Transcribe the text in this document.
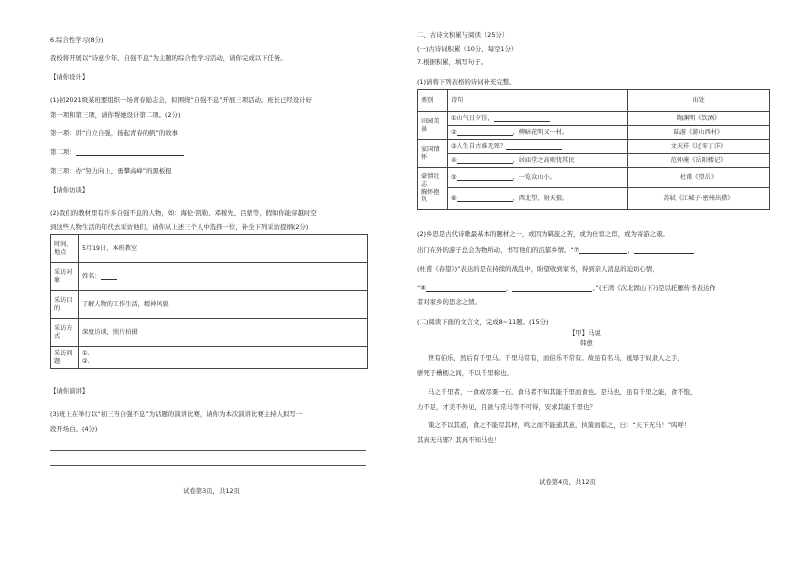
6.综合性学习(8分)
我校将开展以“诗意少年，自强不息”为主题的综合性学习活动，请你完成以下任务。
【请你设计】
(1)初2021级某班要组织一场青春励志会，拟围绕“自强不息”开展三项活动。班长已经设计好
第一项和第三项，请你帮她设计第二项。(2分)
第一项：讲“自立自强，扬起青春的帆”的故事
第二项：
第三项：办“努力向上，勇攀高峰”的黑板报
【请你访谈】
(2)我们的教材里有许多自强不息的人物，如：海伦·凯勒、邓稼先、吕蒙等，假如你能穿越时空
到这些人物生活的年代去采访他们，请你从上述三个人中选择一位，补全下列采访提纲(2分)
时间、地点	5月19日，本班教室
采访对象	姓名：
采访目的	了解人物的工作生活，精神风貌
采访方式	深度访谈，照片拍摄
采访问题	①.
②.
【请你演讲】
(3)班上在举行以“初三当自强不息”为话题的演讲比赛，请你为本次演讲比赛主持人拟写一
段开场白。(4分)
试卷第3页，共12页
二、古诗文积累与阅读（25分）
(一)古诗词积累（10分，每空1分）
7.根据积累，填写句子。
(1)请将下列表格的诗词补充完整。
类别	诗句	出处
田园美景	①山气日夕佳，	陶渊明《饮酒》
	② ，柳暗花明又一村。	陆游《游山西村》
家国情怀	③人生自古谁无死？	文天祥《过零丁洋》
	④ ，居庙堂之高则忧其民	范仲淹《岳阳楼记》

豪情壮志
胸怀抱负	⑤ ，一览众山小。	杜甫《望岳》
	⑥ ，西北望，射天狼。	苏轼《江城子·密州出猎》
(2)乡思是古代诗歌最基本的题材之一，或因为羁旅之苦，或为仕宦之宦，或为寄游之艰。
出门在外的游子总会为物所动，书写他们的沉郁乡情。“⑦	，
(杜甫《春望》)”表达的是在持续的战乱中，盼望收到家书，得到亲人消息的迫切心情，
“⑧	，	。”(王湾《次北固山下》)是以托雁传书表达作
者对家乡的思念之情。
(二)阅读下面的文言文，完成8~11题。(15分)
【甲】马说
韩愈
世有伯乐，然后有千里马。千里马常有，而伯乐不常有。故虽有名马，祗辱于奴隶人之手，
骈死于槽枥之间，不以千里称也。
马之千里者，一食或尽粟一石。食马者不知其能千里而食也。是马也，虽有千里之能，食不饱，
力不足，才美不外见，且欲与常马等不可得，安求其能千里也？
策之不以其道，食之不能尽其材，鸣之而不能通其意，执策而临之，曰：“天下无马！”呜呼！
其真无马邪？其真不知马也！
试卷第4页，共12页
